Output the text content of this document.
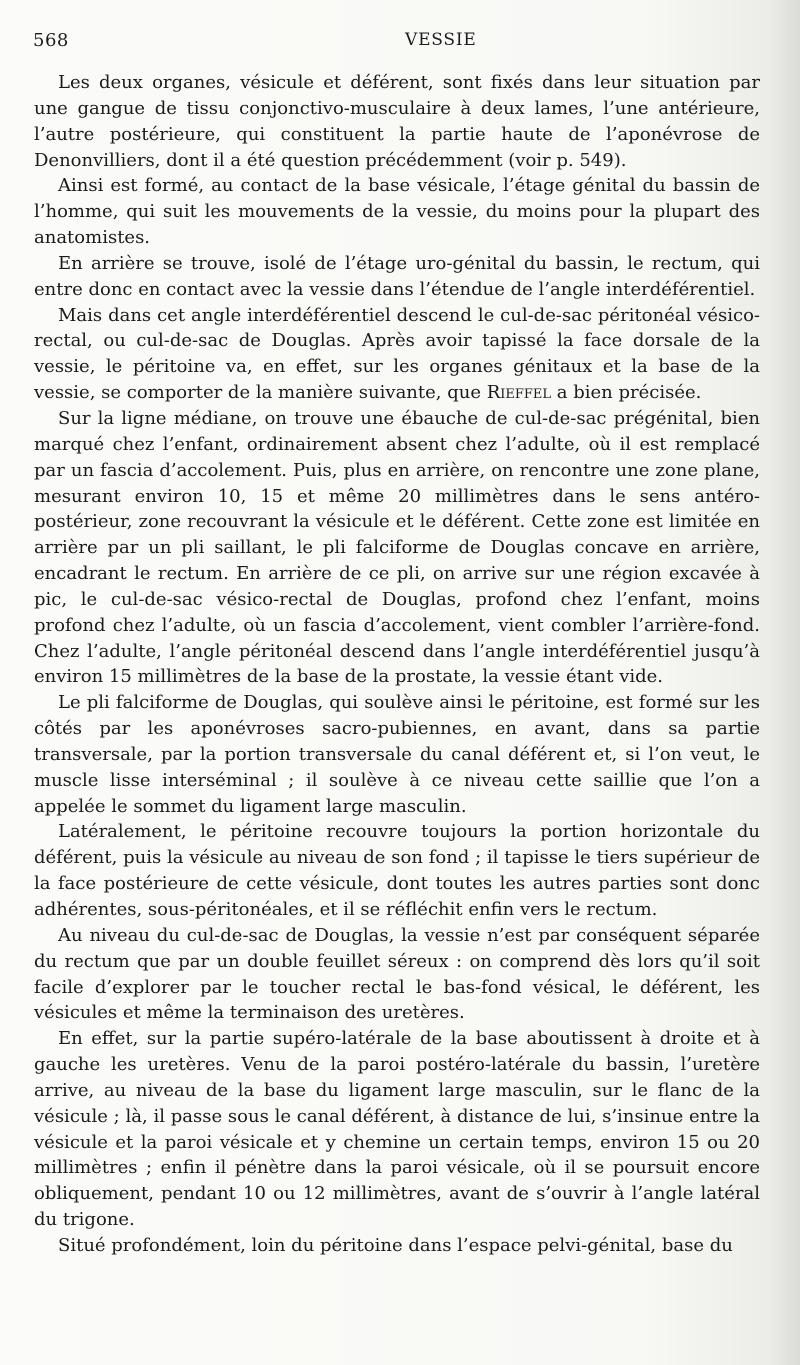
568	VESSIE

Les deux organes, vésicule et déférent, sont fixés dans leur situation par une gangue de tissu conjonctivo-musculaire à deux lames, l’une antérieure, l’autre postérieure, qui constituent la partie haute de l’aponévrose de Denonvilliers, dont il a été question précédemment (voir p. 549).

Ainsi est formé, au contact de la base vésicale, l’étage génital du bassin de l’homme, qui suit les mouvements de la vessie, du moins pour la plupart des anatomistes.

En arrière se trouve, isolé de l’étage uro-génital du bassin, le rectum, qui entre donc en contact avec la vessie dans l’étendue de l’angle interdéférentiel.

Mais dans cet angle interdéférentiel descend le cul-de-sac péritonéal vésico-rectal, ou cul-de-sac de Douglas. Après avoir tapissé la face dorsale de la vessie, le péritoine va, en effet, sur les organes génitaux et la base de la vessie, se comporter de la manière suivante, que Rieffel a bien précisée.

Sur la ligne médiane, on trouve une ébauche de cul-de-sac prégénital, bien marqué chez l’enfant, ordinairement absent chez l’adulte, où il est remplacé par un fascia d’accolement. Puis, plus en arrière, on rencontre une zone plane, mesurant environ 10, 15 et même 20 millimètres dans le sens antéro-postérieur, zone recouvrant la vésicule et le déférent. Cette zone est limitée en arrière par un pli saillant, le pli falciforme de Douglas concave en arrière, encadrant le rectum. En arrière de ce pli, on arrive sur une région excavée à pic, le cul-de-sac vésico-rectal de Douglas, profond chez l’enfant, moins profond chez l’adulte, où un fascia d’accolement, vient combler l’arrière-fond. Chez l’adulte, l’angle péritonéal descend dans l’angle interdéférentiel jusqu’à environ 15 millimètres de la base de la prostate, la vessie étant vide.

Le pli falciforme de Douglas, qui soulève ainsi le péritoine, est formé sur les côtés par les aponévroses sacro-pubiennes, en avant, dans sa partie transversale, par la portion transversale du canal déférent et, si l’on veut, le muscle lisse interséminal ; il soulève à ce niveau cette saillie que l’on a appelée le sommet du ligament large masculin.

Latéralement, le péritoine recouvre toujours la portion horizontale du déférent, puis la vésicule au niveau de son fond ; il tapisse le tiers supérieur de la face postérieure de cette vésicule, dont toutes les autres parties sont donc adhérentes, sous-péritonéales, et il se réfléchit enfin vers le rectum.

Au niveau du cul-de-sac de Douglas, la vessie n’est par conséquent séparée du rectum que par un double feuillet séreux : on comprend dès lors qu’il soit facile d’explorer par le toucher rectal le bas-fond vésical, le déférent, les vésicules et même la terminaison des uretères.

En effet, sur la partie supéro-latérale de la base aboutissent à droite et à gauche les uretères. Venu de la paroi postéro-latérale du bassin, l’uretère arrive, au niveau de la base du ligament large masculin, sur le flanc de la vésicule ; là, il passe sous le canal déférent, à distance de lui, s’insinue entre la vésicule et la paroi vésicale et y chemine un certain temps, environ 15 ou 20 millimètres ; enfin il pénètre dans la paroi vésicale, où il se poursuit encore obliquement, pendant 10 ou 12 millimètres, avant de s’ouvrir à l’angle latéral du trigone.

Situé profondément, loin du péritoine dans l’espace pelvi-génital, base du
